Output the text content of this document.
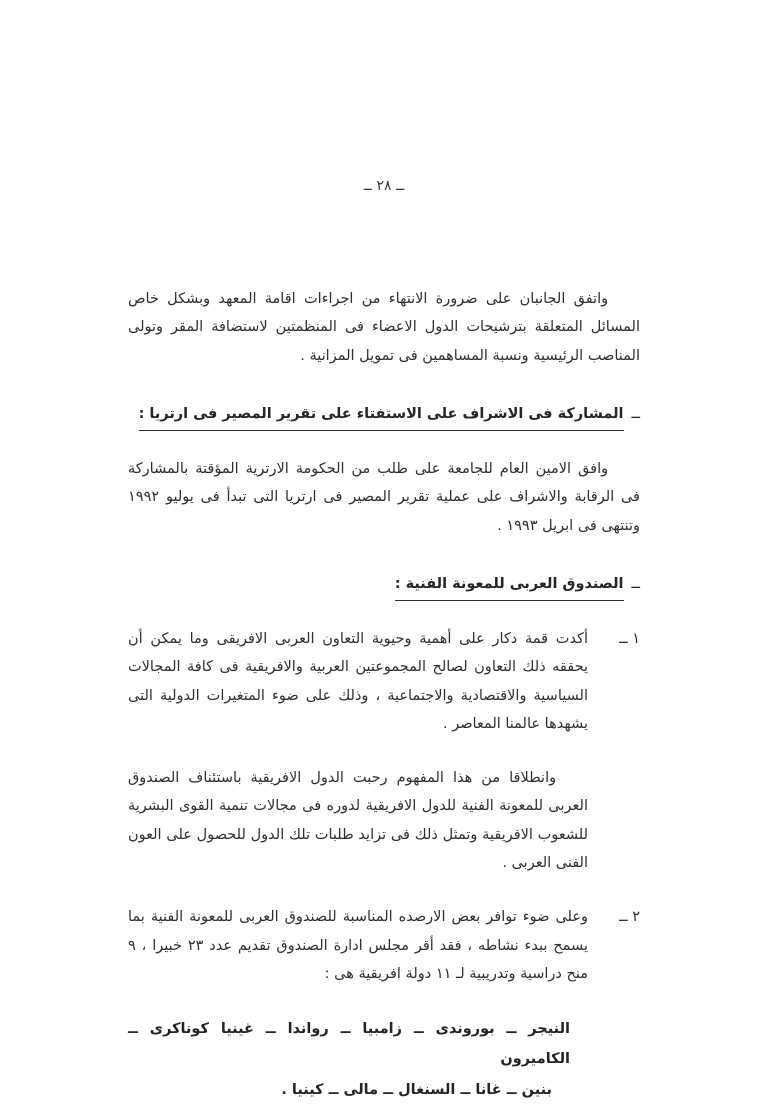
ــ ٢٨ ــ

واتفق الجانبان على ضرورة الانتهاء من اجراءات اقامة المعهد وبشكل خاص المسائل المتعلقة بترشيحات الدول الاعضاء فى المنظمتين لاستضافة المقر وتولى المناصب الرئيسية ونسبة المساهمين فى تمويل المزانية .

ــ
المشاركة فى الاشراف على الاستفتاء على تقرير المصير فى ارتريا :

وافق الامين العام للجامعة على طلب من الحكومة الارترية المؤقتة بالمشاركة فى الرقابة والاشراف على عملية تقرير المصير فى ارتريا التى تبدأ فى يوليو ١٩٩٢ وتنتهى فى ابريل ١٩٩٣ .

ــ
الصندوق العربى للمعونة الفنية :
١ ــ
أكدت قمة دكار على أهمية وحيوية التعاون العربى الافريقى وما يمكن أن يحققه ذلك التعاون لصالح المجموعتين العربية والافريقية فى كافة المجالات السياسية والاقتصادية والاجتماعية ، وذلك على ضوء المتغيرات الدولية التى يشهدها عالمنا المعاصر .

وانطلاقا من هذا المفهوم رحبت الدول الافريقية باستئناف الصندوق العربى للمعونة الفنية للدول الافريقية لدوره فى مجالات تنمية القوى البشرية للشعوب الافريقية وتمثل ذلك فى تزايد طلبات تلك الدول للحصول على العون الفنى العربى .

٢ ــ
وعلى ضوء توافر بعض الارصده المناسبة للصندوق العربى للمعونة الفنية بما يسمح ببدء نشاطه ، فقد أقر مجلس ادارة الصندوق تقديم عدد ٢٣ خبيرا ، ٩ منح دراسية وتدريبية لـ ١١ دولة افريقية هى :
النيجر ــ بوروندى ــ زامبيا ــ رواندا ــ غينيا كوناكرى ــ الكاميرون
بنين ــ غانا ــ السنغال ــ مالى ــ كينيا .
